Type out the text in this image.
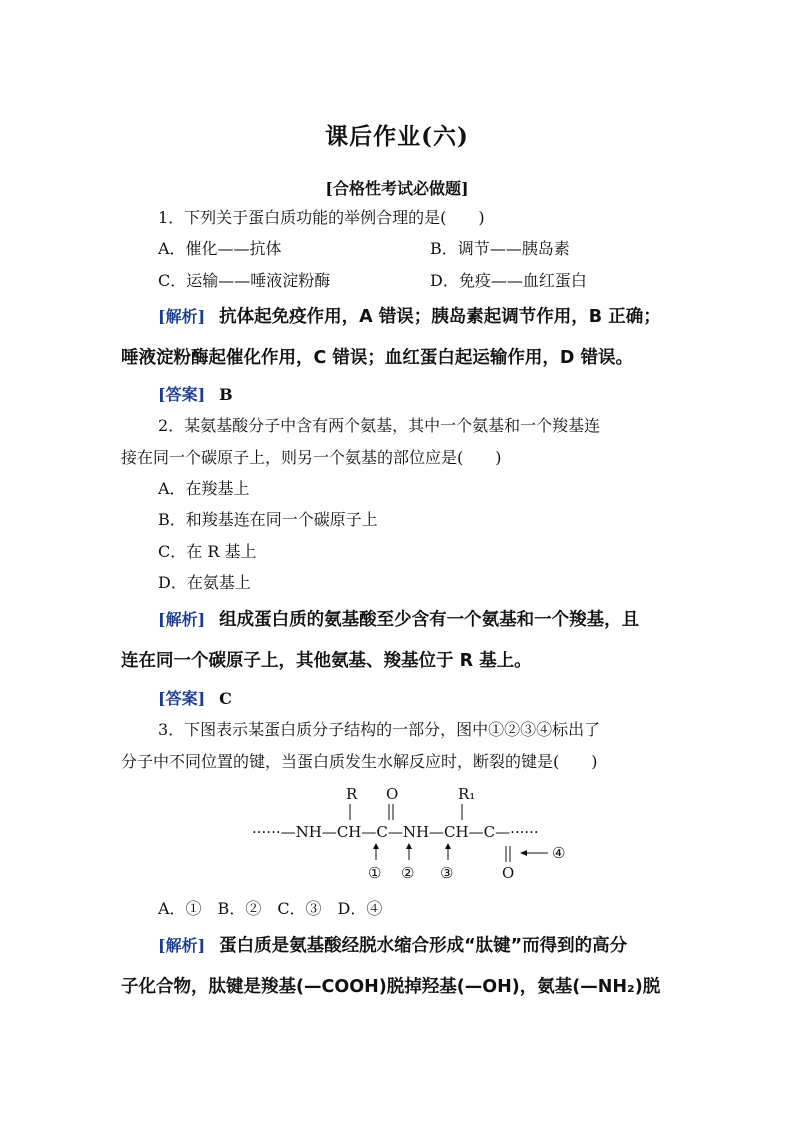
课后作业(六)
[合格性考试必做题]
1．下列关于蛋白质功能的举例合理的是(　　)
A．催化——抗体	B．调节——胰岛素
C．运输——唾液淀粉酶	D．免疫——血红蛋白
[解析] 抗体起免疫作用，A 错误；胰岛素起调节作用，B 正确；
唾液淀粉酶起催化作用，C 错误；血红蛋白起运输作用，D 错误。
[答案] B
2．某氨基酸分子中含有两个氨基，其中一个氨基和一个羧基连
接在同一个碳原子上，则另一个氨基的部位应是(　　)
A．在羧基上
B．和羧基连在同一个碳原子上
C．在 R 基上
D．在氨基上
[解析] 组成蛋白质的氨基酸至少含有一个氨基和一个羧基，且
连在同一个碳原子上，其他氨基、羧基位于 R 基上。
[答案] C
3．下图表示某蛋白质分子结构的一部分，图中①②③④标出了
分子中不同位置的键，当蛋白质发生水解反应时，断裂的键是(　　)
R O	R₁
······—NH—CH—C—NH—CH—C—······
O
① ② ③
④
A．①　B．②　C．③　D．④
[解析] 蛋白质是氨基酸经脱水缩合形成“肽键”而得到的高分
子化合物，肽键是羧基(—COOH)脱掉羟基(—OH)，氨基(—NH₂)脱
